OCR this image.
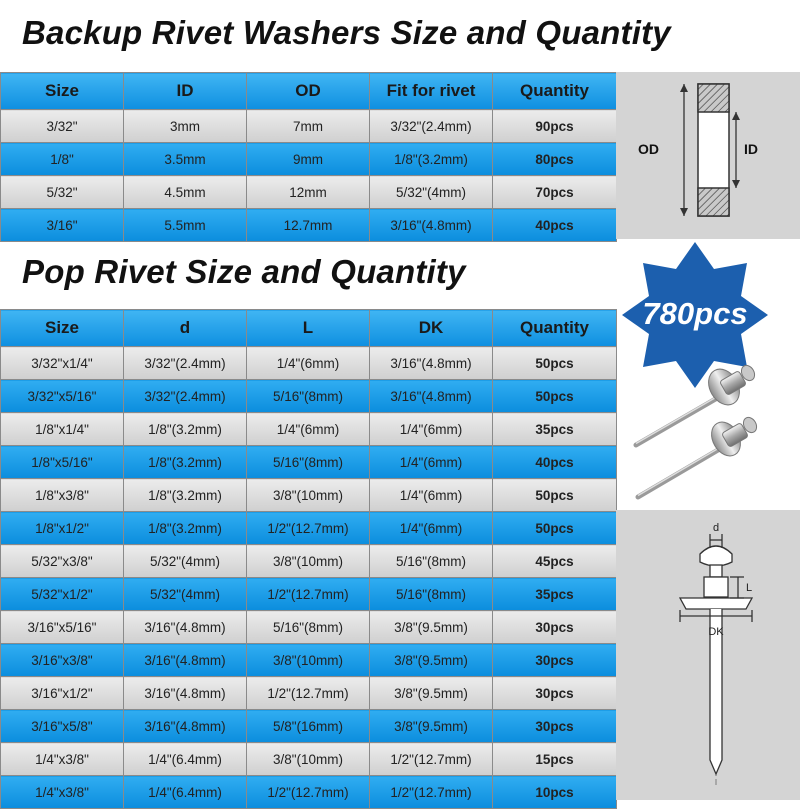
Backup Rivet Washers Size and Quantity
Size	ID	OD	Fit for rivet	Quantity
3/32"	3mm	7mm	3/32"(2.4mm)	90pcs
1/8"	3.5mm	9mm	1/8"(3.2mm)	80pcs
5/32"	4.5mm	12mm	5/32"(4mm)	70pcs
3/16"	5.5mm	12.7mm	3/16"(4.8mm)	40pcs
OD	ID
Pop Rivet Size and Quantity
780pcs
Size	d	L	DK	Quantity
3/32"x1/4"	3/32"(2.4mm)	1/4"(6mm)	3/16"(4.8mm)	50pcs
3/32"x5/16"	3/32"(2.4mm)	5/16"(8mm)	3/16"(4.8mm)	50pcs
1/8"x1/4"	1/8"(3.2mm)	1/4"(6mm)	1/4"(6mm)	35pcs
1/8"x5/16"	1/8"(3.2mm)	5/16"(8mm)	1/4"(6mm)	40pcs
1/8"x3/8"	1/8"(3.2mm)	3/8"(10mm)	1/4"(6mm)	50pcs
1/8"x1/2"	1/8"(3.2mm)	1/2"(12.7mm)	1/4"(6mm)	50pcs
5/32"x3/8"	5/32"(4mm)	3/8"(10mm)	5/16"(8mm)	45pcs
5/32"x1/2"	5/32"(4mm)	1/2"(12.7mm)	5/16"(8mm)	35pcs
3/16"x5/16"	3/16"(4.8mm)	5/16"(8mm)	3/8"(9.5mm)	30pcs
3/16"x3/8"	3/16"(4.8mm)	3/8"(10mm)	3/8"(9.5mm)	30pcs
3/16"x1/2"	3/16"(4.8mm)	1/2"(12.7mm)	3/8"(9.5mm)	30pcs
3/16"x5/8"	3/16"(4.8mm)	5/8"(16mm)	3/8"(9.5mm)	30pcs
1/4"x3/8"	1/4"(6.4mm)	3/8"(10mm)	1/2"(12.7mm)	15pcs
1/4"x3/8"	1/4"(6.4mm)	1/2"(12.7mm)	1/2"(12.7mm)	10pcs
d
L
DK
